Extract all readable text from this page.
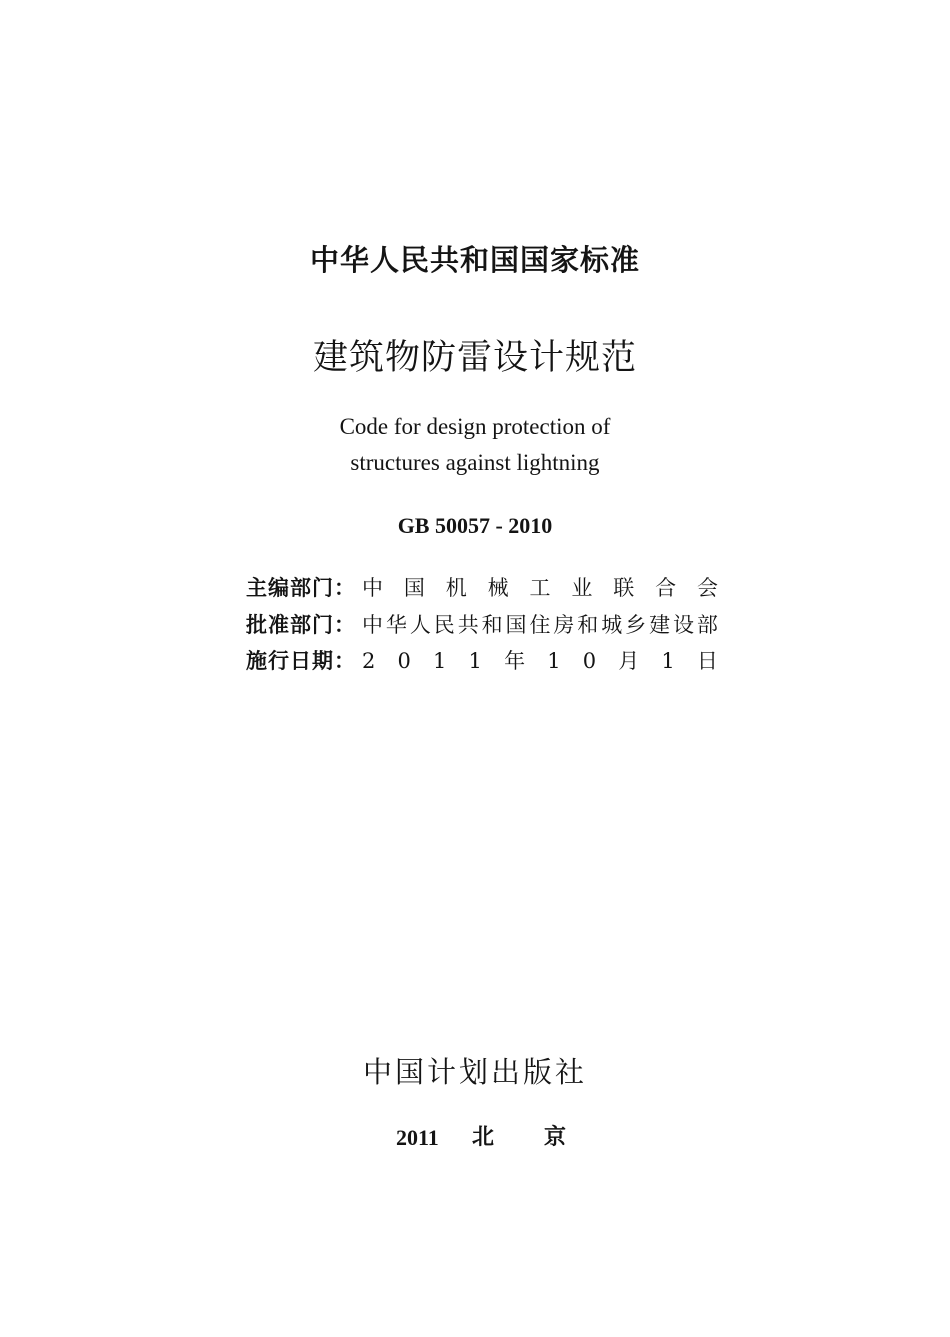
中华人民共和国国家标准
建筑物防雷设计规范
Code for design protection of
structures against lightning
GB 50057 - 2010
主编部门： 中 国 机 械 工 业 联 合 会
批准部门： 中 华 人 民 共 和 国 住 房 和 城 乡 建 设 部
施行日期： 2 0 1 1 年 1 0 月 1 日
中国计划出版社
2011 北京
